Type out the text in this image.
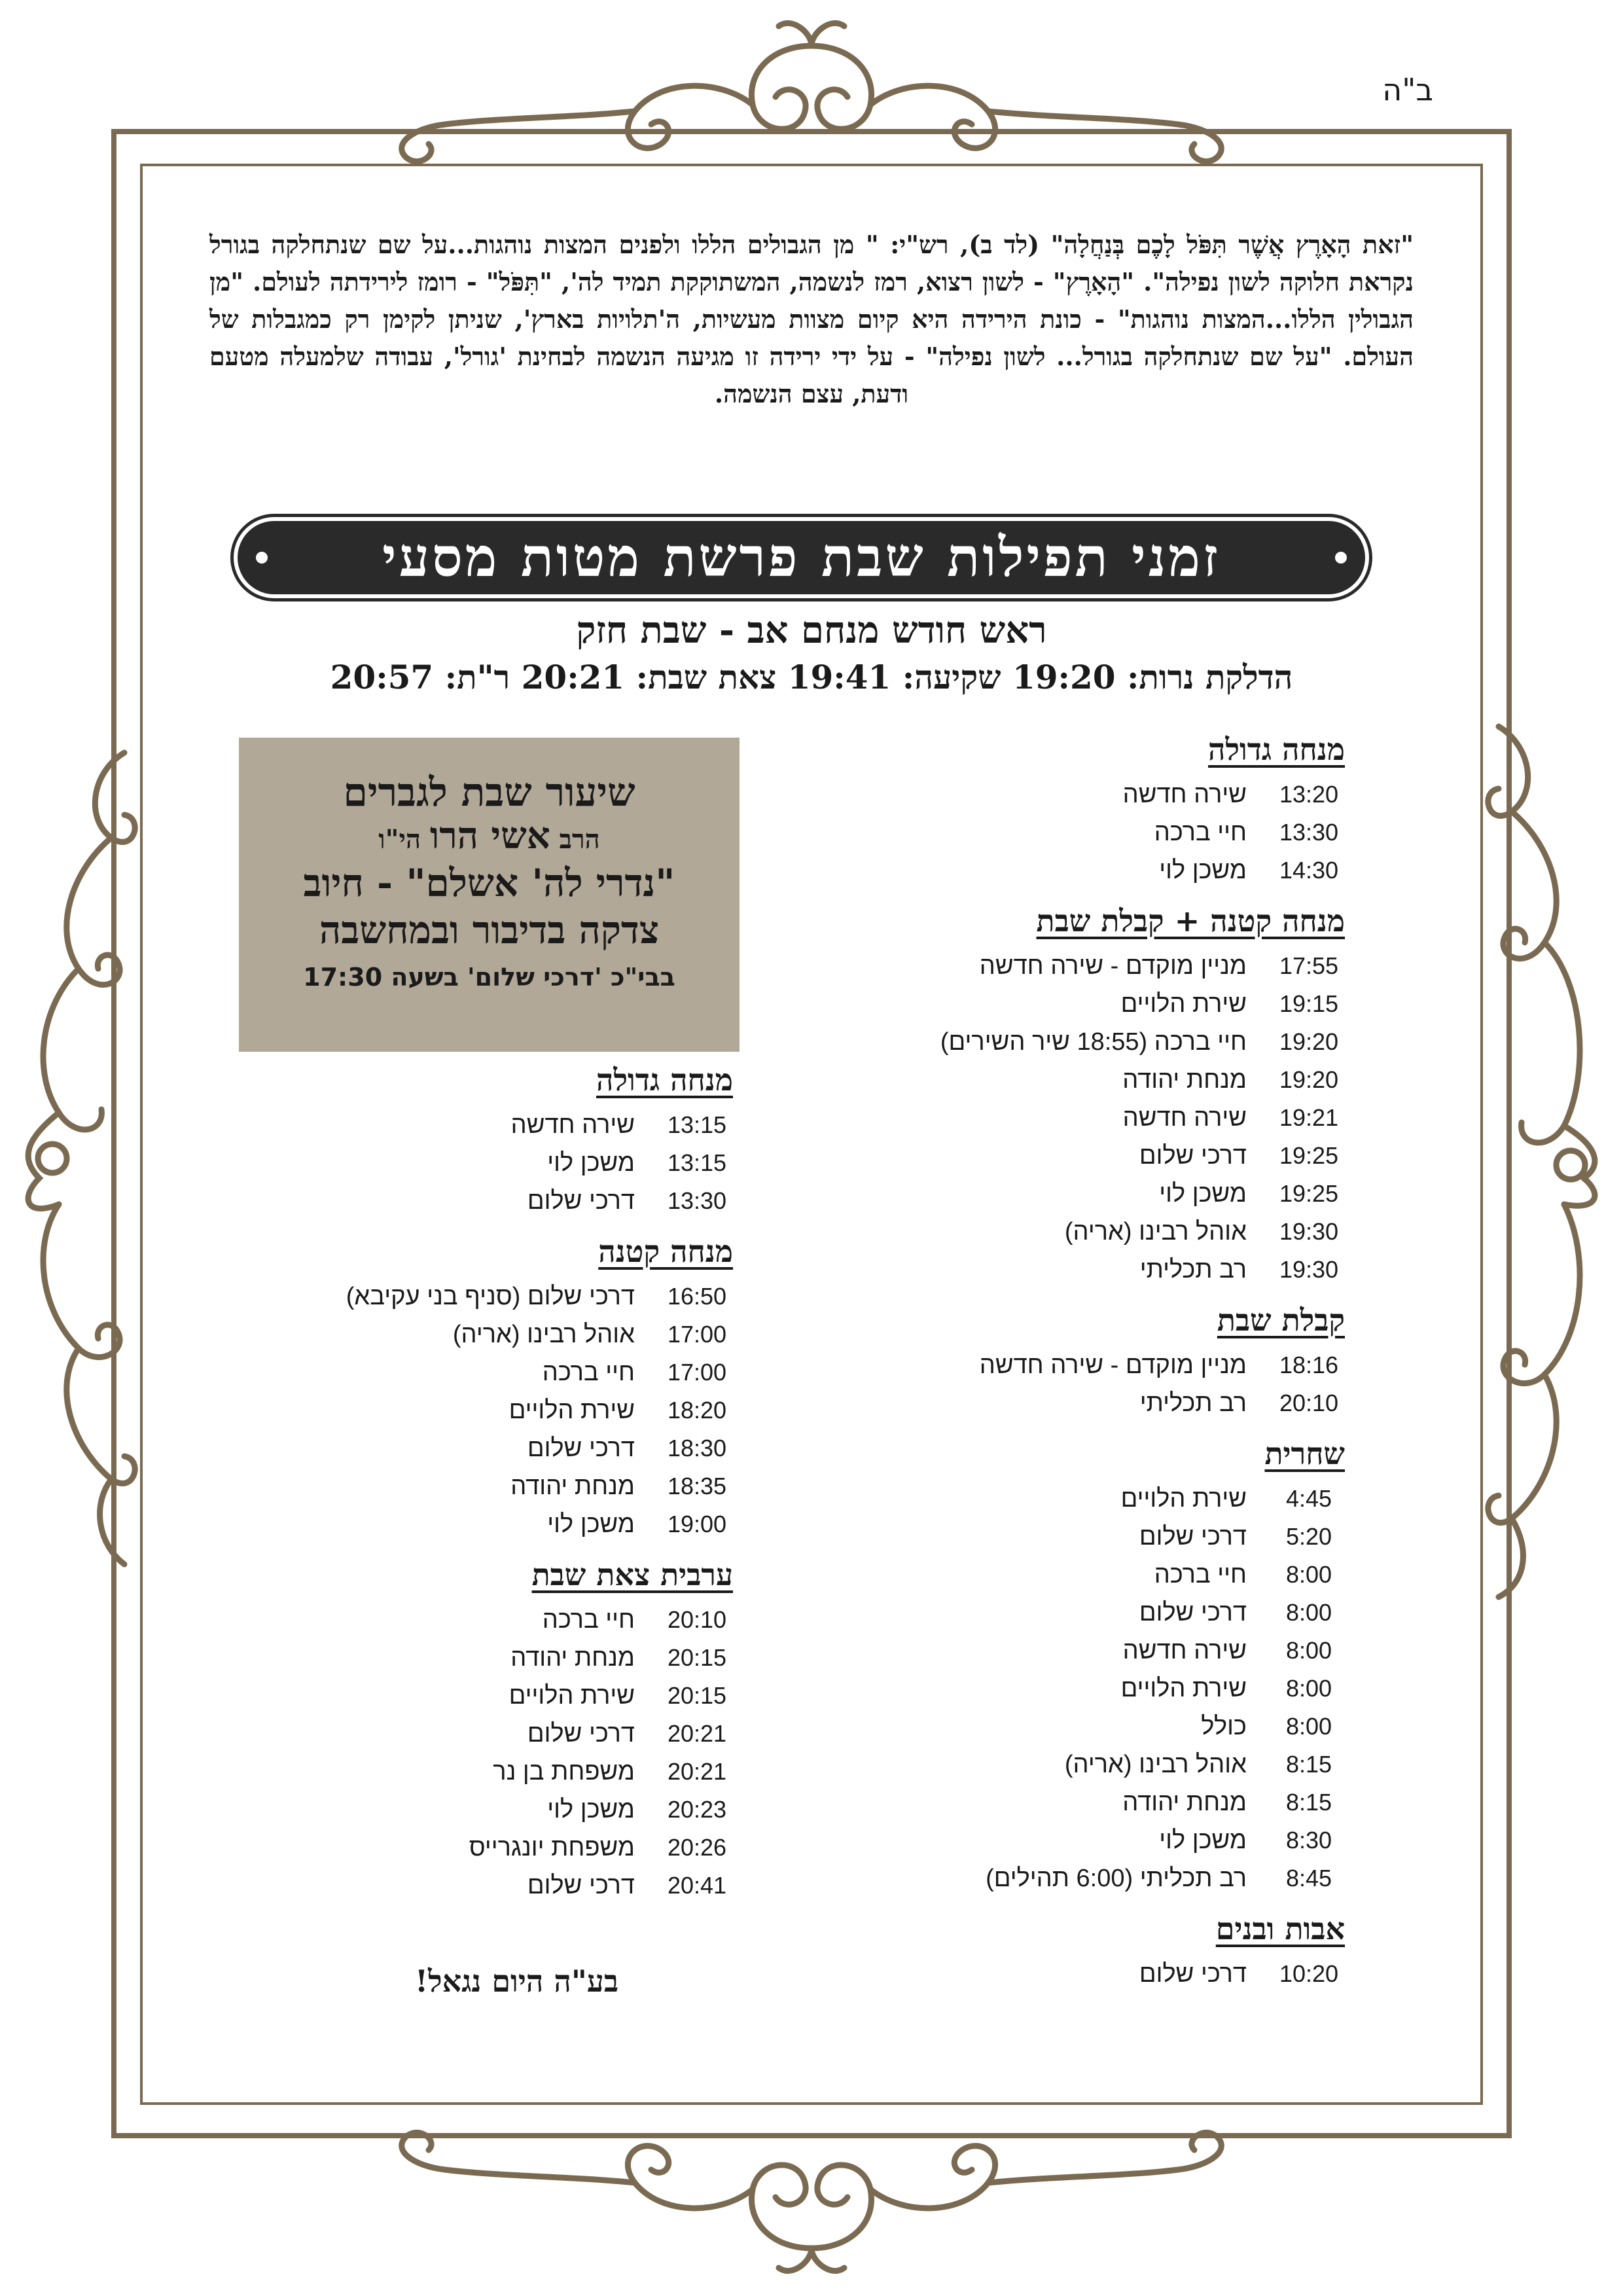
ב"ה
"זאת הָאָרֶץ אֲשֶׁר תִּפֹּל לָכֶם בְּנַחֲלָה" (לד ב), רש"י: " מן הגבולים הללו ולפנים המצות נוהגות...על שם שנתחלקה בגורל נקראת חלוקה לשון נפילה". "הָאָרֶץ" - לשון רצוא, רמז לנשמה, המשתוקקת תמיד לה', "תִּפֹּל" - רומז לירידתה לעולם. "מן הגבולין הללו...המצות נוהגות" - כונת הירידה היא קיום מצוות מעשיות, ה'תלויות בארץ', שניתן לקימן רק כמגבלות של העולם. "על שם שנתחלקה בגורל... לשון נפילה" - על ידי ירידה זו מגיעה הנשמה לבחינת 'גורל', עבודה שלמעלה מטעם ודעת, עצם הנשמה.
זמני תפילות שבת פרשת מטות מסעי
ראש חודש מנחם אב - שבת חזק
הדלקת נרות: 19:20 שקיעה: 19:41 צאת שבת: 20:21 ר"ת: 20:57
שיעור שבת לגברים
הרב אשי הרו הי"ו
"נדרי לה' אשלם" - חיוב
צדקה בדיבור ובמחשבה
בבי"כ 'דרכי שלום' בשעה 17:30
מנחה גדולה
13:20
שירה חדשה
13:30
חיי ברכה
14:30
משכן לוי
מנחה קטנה + קבלת שבת
17:55
מניין מוקדם - שירה חדשה
19:15
שירת הלויים
19:20
חיי ברכה (18:55 שיר השירים)
19:20
מנחת יהודה
19:21
שירה חדשה
19:25
דרכי שלום
19:25
משכן לוי
19:30
אוהל רבינו (אריה)
19:30
רב תכליתי
קבלת שבת
18:16
מניין מוקדם - שירה חדשה
20:10
רב תכליתי
שחרית
4:45
שירת הלויים
5:20
דרכי שלום
8:00
חיי ברכה
8:00
דרכי שלום
8:00
שירה חדשה
8:00
שירת הלויים
8:00
כולל
8:15
אוהל רבינו (אריה)
8:15
מנחת יהודה
8:30
משכן לוי
8:45
רב תכליתי (6:00 תהילים)
אבות ובנים
10:20
דרכי שלום
מנחה גדולה
13:15
שירה חדשה
13:15
משכן לוי
13:30
דרכי שלום
מנחה קטנה
16:50
דרכי שלום (סניף בני עקיבא)
17:00
אוהל רבינו (אריה)
17:00
חיי ברכה
18:20
שירת הלויים
18:30
דרכי שלום
18:35
מנחת יהודה
19:00
משכן לוי
ערבית צאת שבת
20:10
חיי ברכה
20:15
מנחת יהודה
20:15
שירת הלויים
20:21
דרכי שלום
20:21
משפחת בן נר
20:23
משכן לוי
20:26
משפחת יונגרייס
20:41
דרכי שלום
בע"ה היום נגאל!
